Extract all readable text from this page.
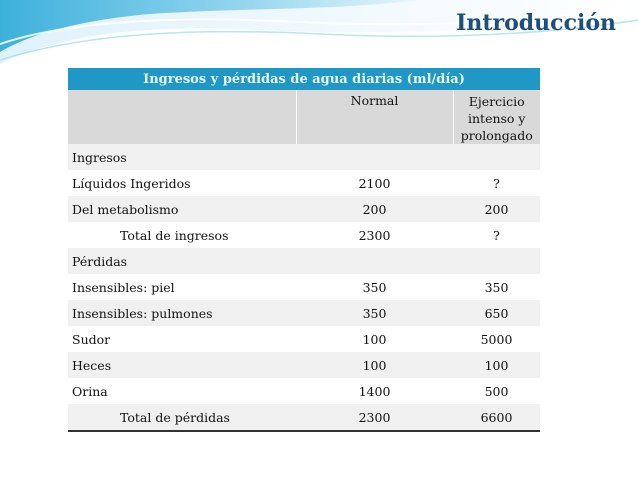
Introducción
Ingresos y pérdidas de agua diarias (ml/día)		
	Normal	Ejercicio intenso y prolongado
Ingresos		
Líquidos Ingeridos	2100	?
Del metabolismo	200	200
Total de ingresos	2300	?
Pérdidas		
Insensibles: piel	350	350
Insensibles: pulmones	350	650
Sudor	100	5000
Heces	100	100
Orina	1400	500
Total de pérdidas	2300	6600
